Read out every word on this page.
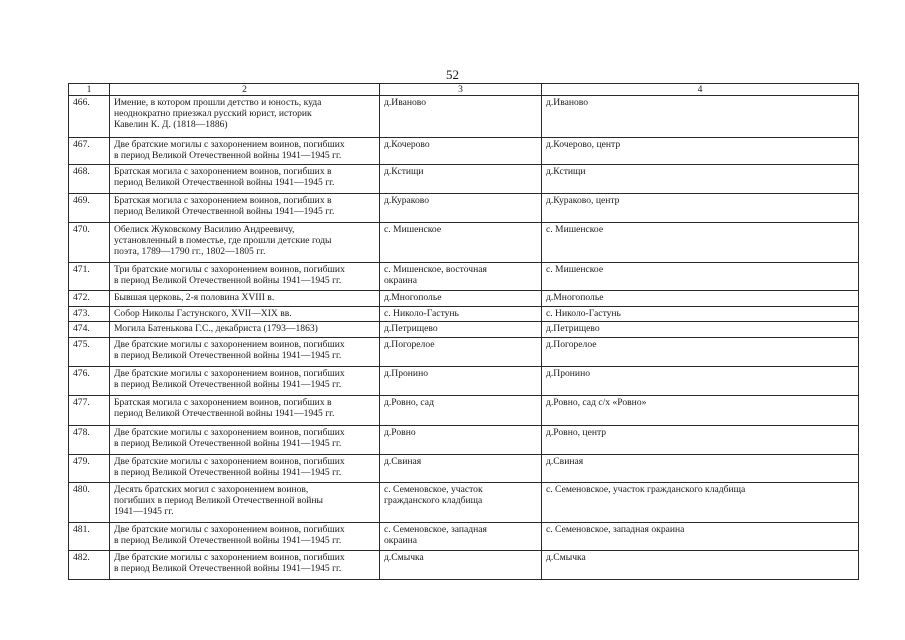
52
1	2	3	4
466.	Имение, в котором прошли детство и юность, куда
неоднократно приезжал русский юрист, историк
Кавелин К. Д. (1818—1886)	д.Иваново	д.Иваново
467.	Две братские могилы с захоронением воинов, погибших
в период Великой Отечественной войны 1941—1945 гг.	д.Кочерово	д.Кочерово, центр
468.	Братская могила с захоронением воинов, погибших в
период Великой Отечественной войны 1941—1945 гг.	д.Кстищи	д.Кстищи
469.	Братская могила с захоронением воинов, погибших в
период Великой Отечественной войны 1941—1945 гг.	д.Кураково	д.Кураково, центр
470.	Обелиск Жуковскому Василию Андреевичу,
установленный в поместье, где прошли детские годы
поэта, 1789—1790 гг., 1802—1805 гг.	с. Мишенское	с. Мишенское
471.	Три братские могилы с захоронением воинов, погибших
в период Великой Отечественной войны 1941—1945 гг.	с. Мишенское, восточная
окраина	с. Мишенское
472.	Бывшая церковь, 2-я половина XVIII в.	д.Многополье	д.Многополье
473.	Собор Николы Гастунского, XVII—XIX вв.	с. Николо-Гастунь	с. Николо-Гастунь
474.	Могила Батенькова Г.С., декабриста (1793—1863)	д.Петрищево	д.Петрищево
475.	Две братские могилы с захоронением воинов, погибших
в период Великой Отечественной войны 1941—1945 гг.	д.Погорелое	д.Погорелое
476.	Две братские могилы с захоронением воинов, погибших
в период Великой Отечественной войны 1941—1945 гг.	д.Пронино	д.Пронино
477.	Братская могила с захоронением воинов, погибших в
период Великой Отечественной войны 1941—1945 гг.	д.Ровно, сад	д.Ровно, сад с/х «Ровно»
478.	Две братские могилы с захоронением воинов, погибших
в период Великой Отечественной войны 1941—1945 гг.	д.Ровно	д.Ровно, центр
479.	Две братские могилы с захоронением воинов, погибших
в период Великой Отечественной войны 1941—1945 гг.	д.Свиная	д.Свиная
480.	Десять братских могил с захоронением воинов,
погибших в период Великой Отечественной войны
1941—1945 гг.	с. Семеновское, участок
гражданского кладбища	с. Семеновское, участок гражданского кладбища
481.	Две братские могилы с захоронением воинов, погибших
в период Великой Отечественной войны 1941—1945 гг.	с. Семеновское, западная
окраина	с. Семеновское, западная окраина
482.	Две братские могилы с захоронением воинов, погибших
в период Великой Отечественной войны 1941—1945 гг.	д.Смычка	д.Смычка
